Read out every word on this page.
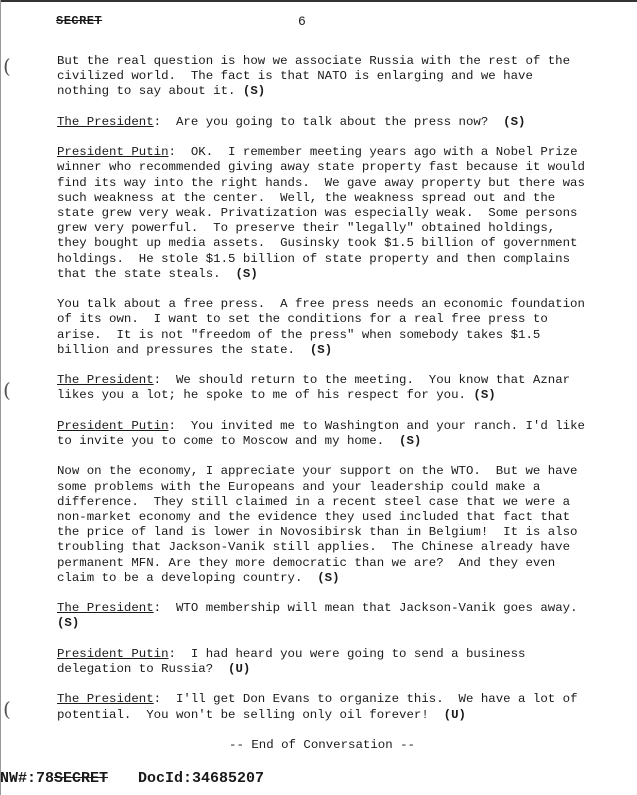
SECRET	6
(
(
(

But the real question is how we associate Russia with the rest of the civilized world.  The fact is that NATO is enlarging and we have nothing to say about it. (S)

The President:  Are you going to talk about the press now? (S)

President Putin:  OK.  I remember meeting years ago with a Nobel Prize winner who recommended giving away state property fast because it would find its way into the right hands.  We gave away property but there was such weakness at the center.  Well, the weakness spread out and the state grew very weak. Privatization was especially weak.  Some persons grew very powerful.  To preserve their "legally" obtained holdings, they bought up media assets.  Gusinsky took $1.5 billion of government holdings.  He stole $1.5 billion of state property and then complains that the state steals. (S)

You talk about a free press.  A free press needs an economic foundation of its own.  I want to set the conditions for a real free press to arise.  It is not "freedom of the press" when somebody takes $1.5 billion and pressures the state. (S)

The President:  We should return to the meeting.  You know that Aznar likes you a lot; he spoke to me of his respect for you. (S)

President Putin:  You invited me to Washington and your ranch. I'd like to invite you to come to Moscow and my home. (S)

Now on the economy, I appreciate your support on the WTO.  But we have some problems with the Europeans and your leadership could make a difference.  They still claimed in a recent steel case that we were a non-market economy and the evidence they used included that fact that the price of land is lower in Novosibirsk than in Belgium!  It is also troubling that Jackson-Vanik still applies.  The Chinese already have permanent MFN. Are they more democratic than we are?  And they even claim to be a developing country. (S)

The President:  WTO membership will mean that Jackson-Vanik goes away.  (S)

President Putin:  I had heard you were going to send a business delegation to Russia? (U)

The President:  I'll get Don Evans to organize this.  We have a lot of potential.  You won't be selling only oil forever! (U)

-- End of Conversation --

NW#:78SECRET DocId:34685207
